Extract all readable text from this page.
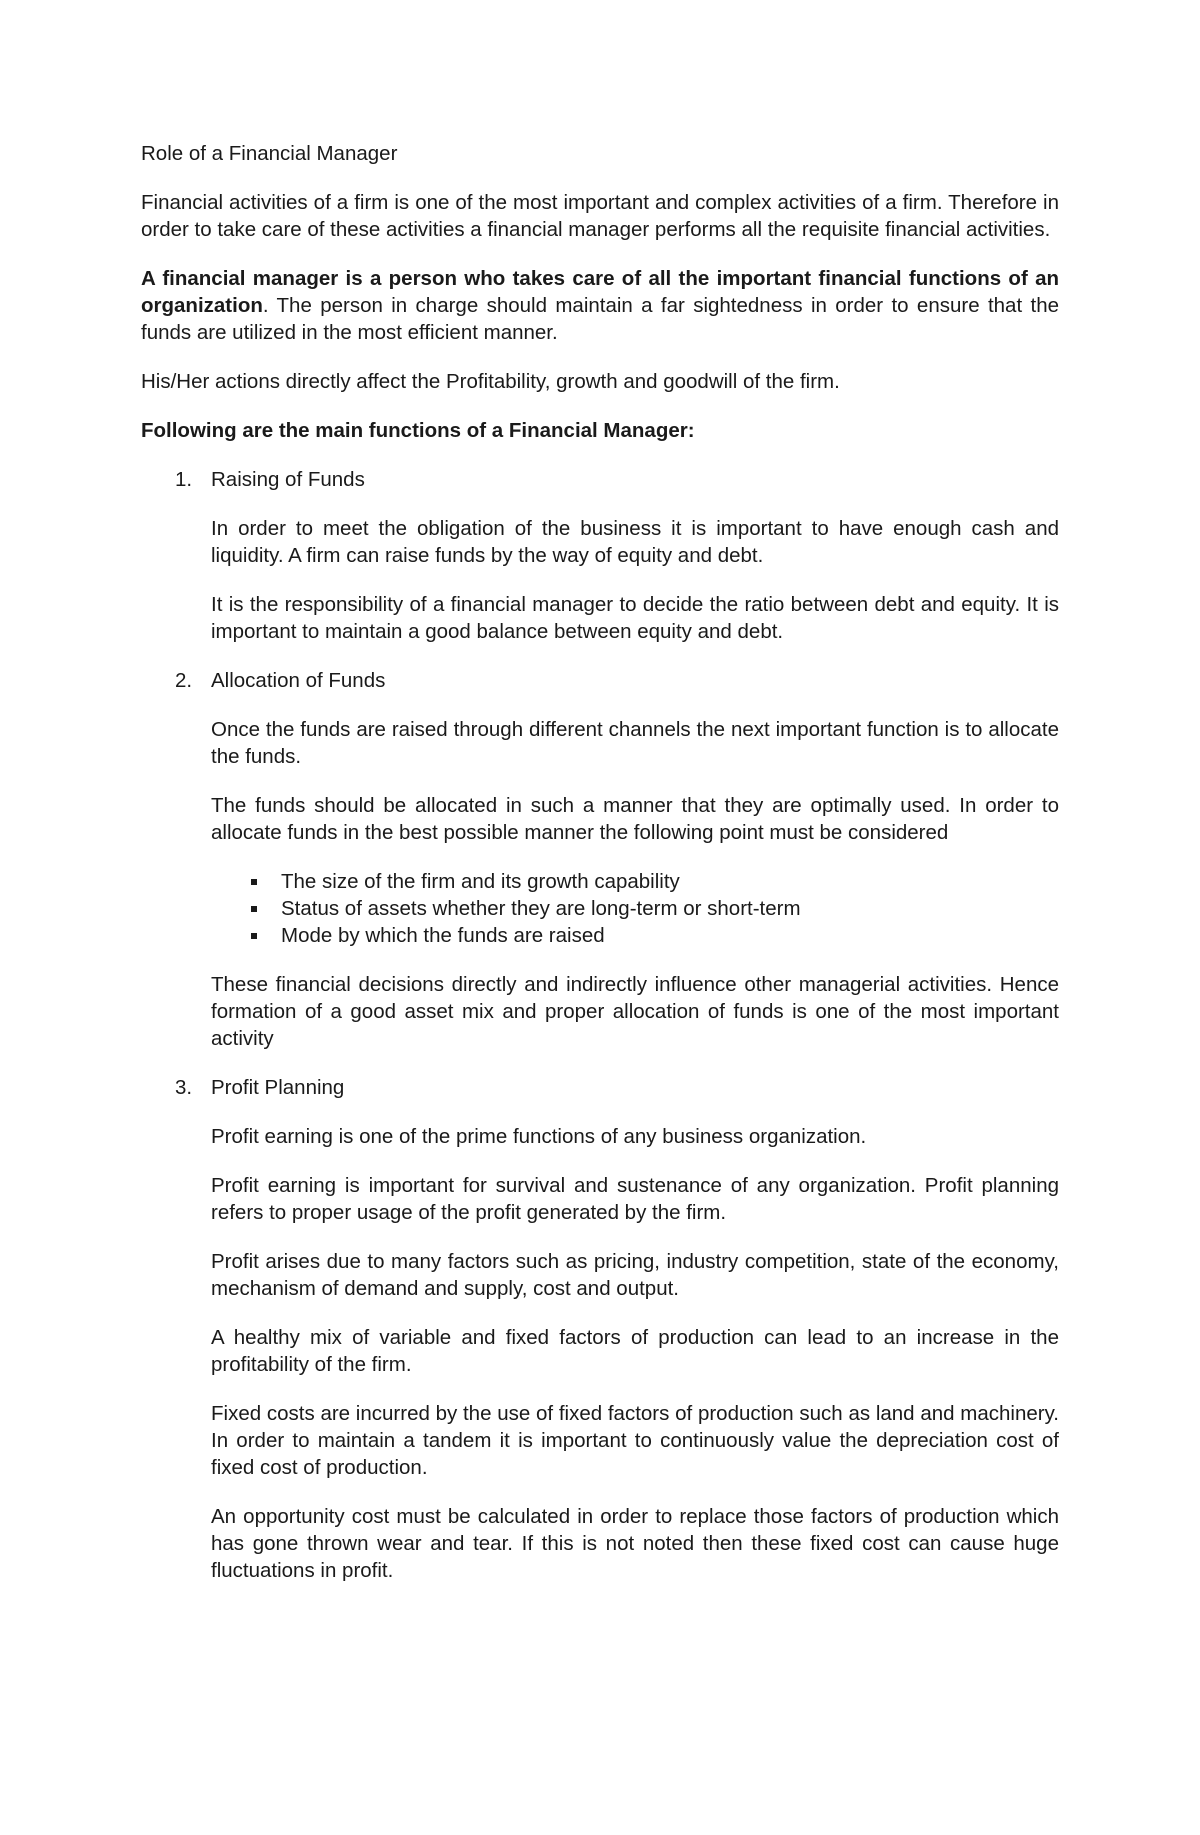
Role of a Financial Manager

Financial activities of a firm is one of the most important and complex activities of a firm. Therefore in order to take care of these activities a financial manager performs all the requisite financial activities.

A financial manager is a person who takes care of all the important financial functions of an organization. The person in charge should maintain a far sightedness in order to ensure that the funds are utilized in the most efficient manner.

His/Her actions directly affect the Profitability, growth and goodwill of the firm.

Following are the main functions of a Financial Manager:

1. Raising of Funds

In order to meet the obligation of the business it is important to have enough cash and liquidity. A firm can raise funds by the way of equity and debt.

It is the responsibility of a financial manager to decide the ratio between debt and equity. It is important to maintain a good balance between equity and debt.

2. Allocation of Funds

Once the funds are raised through different channels the next important function is to allocate the funds.

The funds should be allocated in such a manner that they are optimally used. In order to allocate funds in the best possible manner the following point must be considered

The size of the firm and its growth capability
Status of assets whether they are long-term or short-term
Mode by which the funds are raised

These financial decisions directly and indirectly influence other managerial activities. Hence formation of a good asset mix and proper allocation of funds is one of the most important activity

3. Profit Planning

Profit earning is one of the prime functions of any business organization.

Profit earning is important for survival and sustenance of any organization. Profit planning refers to proper usage of the profit generated by the firm.

Profit arises due to many factors such as pricing, industry competition, state of the economy, mechanism of demand and supply, cost and output.

A healthy mix of variable and fixed factors of production can lead to an increase in the profitability of the firm.

Fixed costs are incurred by the use of fixed factors of production such as land and machinery. In order to maintain a tandem it is important to continuously value the depreciation cost of fixed cost of production.

An opportunity cost must be calculated in order to replace those factors of production which has gone thrown wear and tear. If this is not noted then these fixed cost can cause huge fluctuations in profit.
